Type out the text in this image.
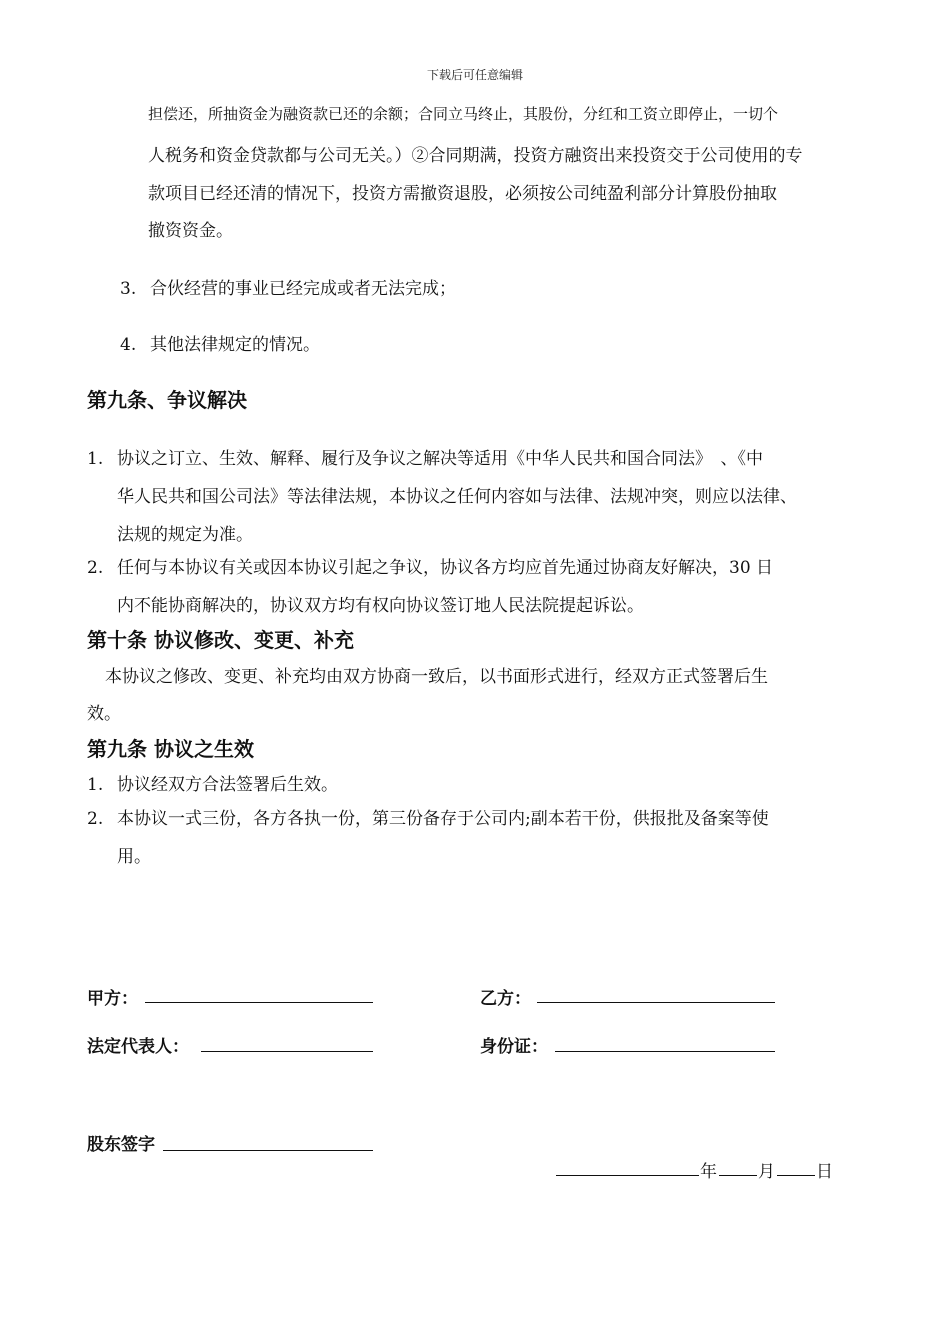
下载后可任意编辑
担偿还，所抽资金为融资款已还的余额；合同立马终止，其股份，分红和工资立即停止，一切个
人税务和资金贷款都与公司无关。）②合同期满，投资方融资出来投资交于公司使用的专
款项目已经还清的情况下，投资方需撤资退股，必须按公司纯盈利部分计算股份抽取
撤资资金。
3. 合伙经营的事业已经完成或者无法完成；
4. 其他法律规定的情况。
第九条、争议解决
1. 协议之订立、生效、解释、履行及争议之解决等适用《中华人民共和国合同法》　、《中
华人民共和国公司法》等法律法规，本协议之任何内容如与法律、法规冲突，则应以法律、
法规的规定为准。
2. 任何与本协议有关或因本协议引起之争议，协议各方均应首先通过协商友好解决，30 日
内不能协商解决的，协议双方均有权向协议签订地人民法院提起诉讼。
第十条 协议修改、变更、补充
本协议之修改、变更、补充均由双方协商一致后，以书面形式进行，经双方正式签署后生
效。
第九条 协议之生效
1. 协议经双方合法签署后生效。
2. 本协议一式三份，各方各执一份，第三份备存于公司内;副本若干份，供报批及备案等使
用。
甲方：	乙方：
法定代表人：	身份证：
股东签字
年 月 日
